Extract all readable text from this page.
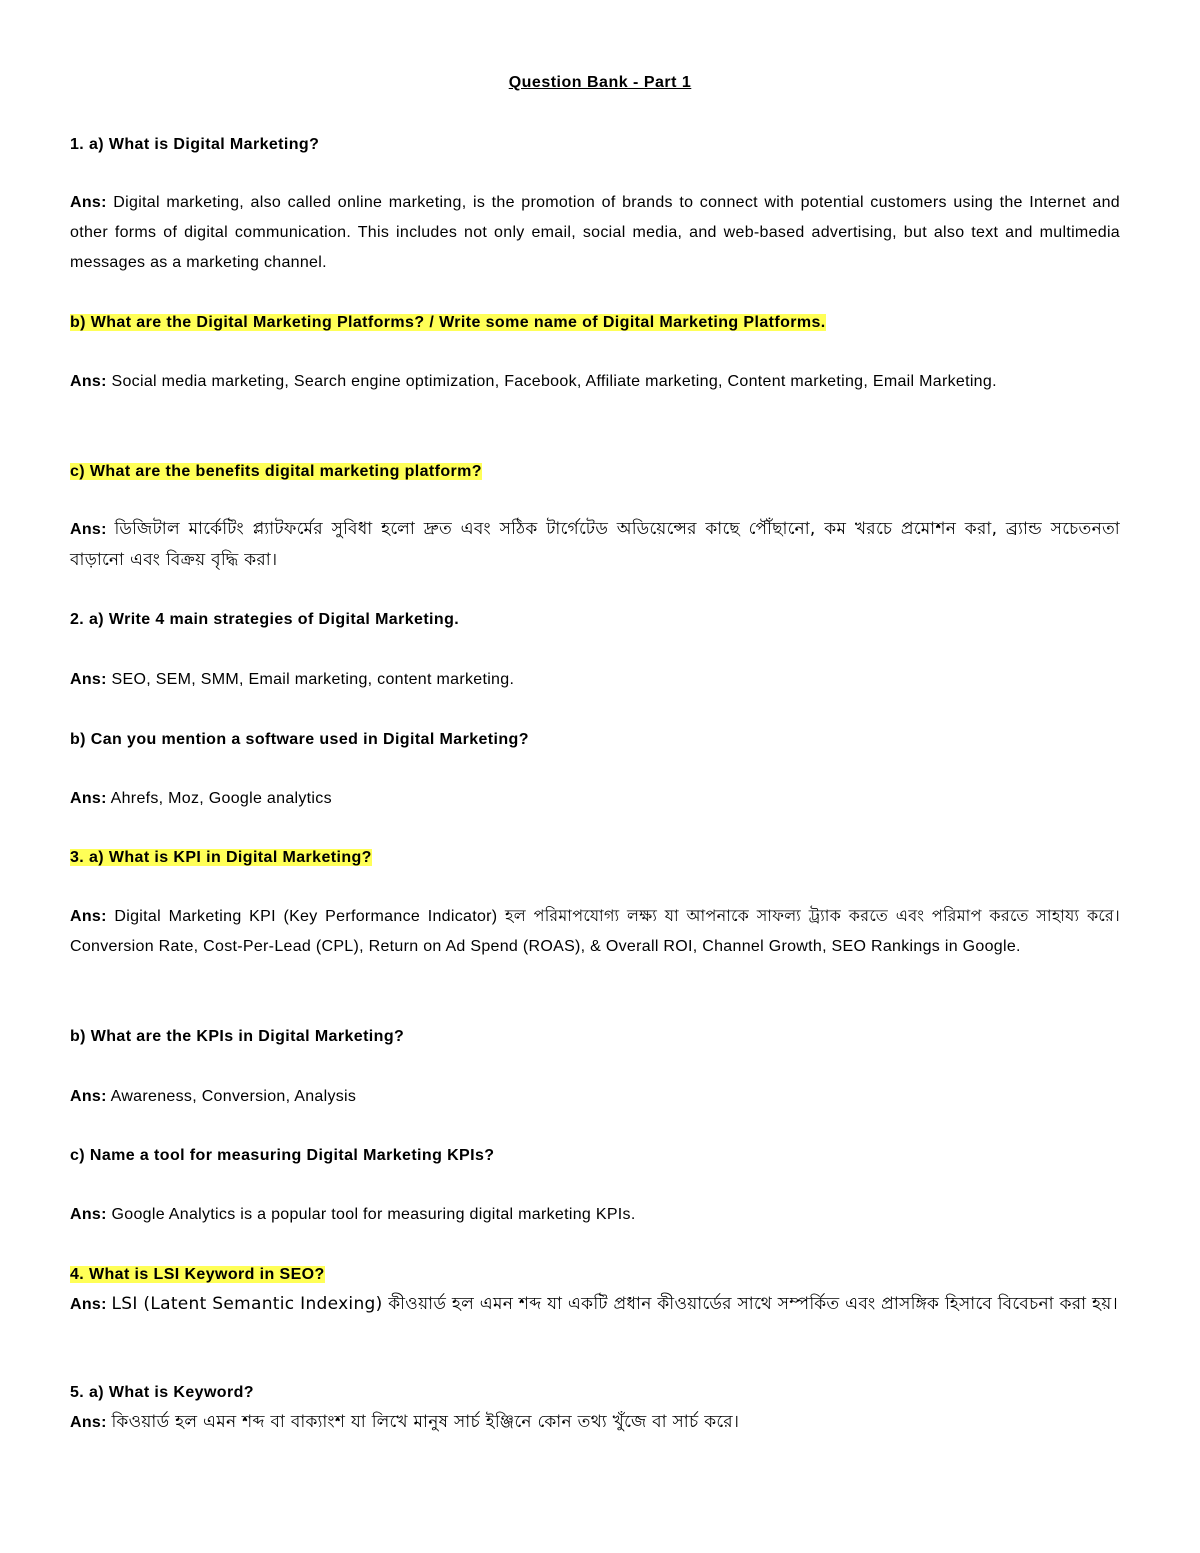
Question Bank - Part 1
1. a) What is Digital Marketing?
Ans: Digital marketing, also called online marketing, is the promotion of brands to connect with potential customers using the Internet and other forms of digital communication. This includes not only email, social media, and web-based advertising, but also text and multimedia messages as a marketing channel.
b) What are the Digital Marketing Platforms? / Write some name of Digital Marketing Platforms.
Ans: Social media marketing, Search engine optimization, Facebook, Affiliate marketing, Content marketing, Email Marketing.
c) What are the benefits digital marketing platform?
Ans: ডিজিটাল মার্কেটিং প্ল্যাটফর্মের সুবিধা হলো দ্রুত এবং সঠিক টার্গেটেড অডিয়েন্সের কাছে পৌঁছানো, কম খরচে প্রমোশন করা, ব্র্যান্ড সচেতনতা বাড়ানো এবং বিক্রয় বৃদ্ধি করা।
2. a) Write 4 main strategies of Digital Marketing.
Ans: SEO, SEM, SMM, Email marketing, content marketing.
b) Can you mention a software used in Digital Marketing?
Ans: Ahrefs, Moz, Google analytics
3. a) What is KPI in Digital Marketing?
Ans: Digital Marketing KPI (Key Performance Indicator) হল পরিমাপযোগ্য লক্ষ্য যা আপনাকে সাফল্য ট্র্যাক করতে এবং পরিমাপ করতে সাহায্য করে। Conversion Rate, Cost-Per-Lead (CPL), Return on Ad Spend (ROAS), & Overall ROI, Channel Growth, SEO Rankings in Google.
b) What are the KPIs in Digital Marketing?
Ans: Awareness, Conversion, Analysis
c) Name a tool for measuring Digital Marketing KPIs?
Ans: Google Analytics is a popular tool for measuring digital marketing KPIs.
4. What is LSI Keyword in SEO?
Ans: LSI (Latent Semantic Indexing) কীওয়ার্ড হল এমন শব্দ যা একটি প্রধান কীওয়ার্ডের সাথে সম্পর্কিত এবং প্রাসঙ্গিক হিসাবে বিবেচনা করা হয়।
5. a) What is Keyword?
Ans: কিওয়ার্ড হল এমন শব্দ বা বাক্যাংশ যা লিখে মানুষ সার্চ ইঞ্জিনে কোন তথ্য খুঁজে বা সার্চ করে।
